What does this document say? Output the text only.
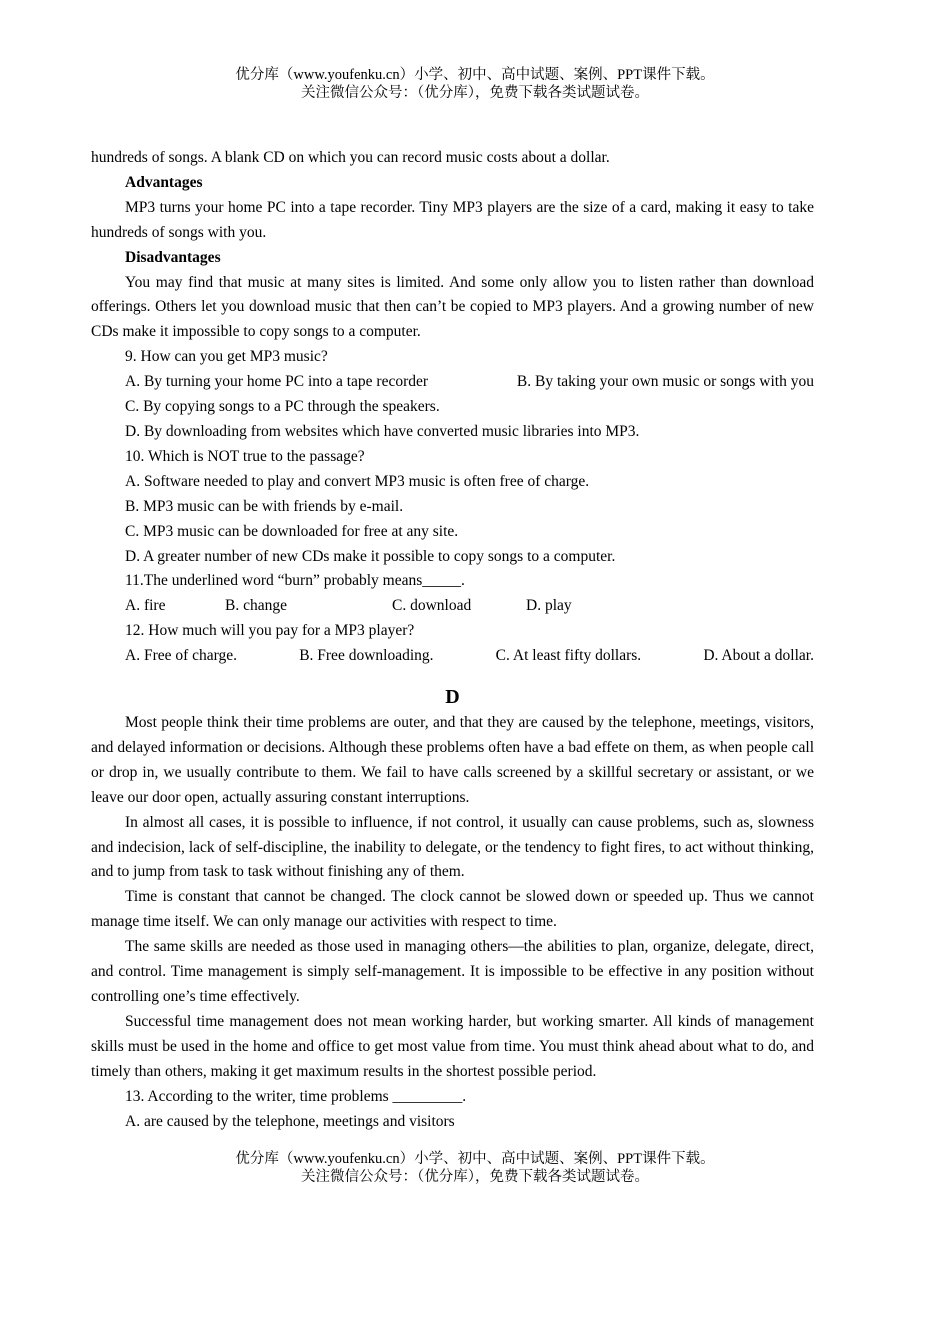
优分库（www.youfenku.cn）小学、初中、高中试题、案例、PPT课件下载。
关注微信公众号：（优分库），免费下载各类试题试卷。

hundreds of songs. A blank CD on which you can record music costs about a dollar.

Advantages

MP3 turns your home PC into a tape recorder. Tiny MP3 players are the size of a card, making it easy to take hundreds of songs with you.

Disadvantages

You may find that music at many sites is limited. And some only allow you to listen rather than download offerings. Others let you download music that then can’t be copied to MP3 players. And a growing number of new CDs make it impossible to copy songs to a computer.

9. How can you get MP3 music?

A. By turning your home PC into a tape recorder	B. By taking your own music or songs with you

C. By copying songs to a PC through the speakers.

D. By downloading from websites which have converted music libraries into MP3.

10. Which is NOT true to the passage?

A. Software needed to play and convert MP3 music is often free of charge.

B. MP3 music can be with friends by e-mail.

C. MP3 music can be downloaded for free at any site.

D. A greater number of new CDs make it possible to copy songs to a computer.

11.The underlined word “burn” probably means_____.

A. fire	B. change	C. download	D. play

12. How much will you pay for a MP3 player?

A. Free of charge.	B. Free downloading.	C. At least fifty dollars.	D. About a dollar.

D

Most people think their time problems are outer, and that they are caused by the telephone, meetings, visitors, and delayed information or decisions. Although these problems often have a bad effete on them, as when people call or drop in, we usually contribute to them. We fail to have calls screened by a skillful secretary or assistant, or we leave our door open, actually assuring constant interruptions.

In almost all cases, it is possible to influence, if not control, it usually can cause problems, such as, slowness and indecision, lack of self-discipline, the inability to delegate, or the tendency to fight fires, to act without thinking, and to jump from task to task without finishing any of them.

Time is constant that cannot be changed. The clock cannot be slowed down or speeded up. Thus we cannot manage time itself. We can only manage our activities with respect to time.

The same skills are needed as those used in managing others—the abilities to plan, organize, delegate, direct, and control. Time management is simply self-management. It is impossible to be effective in any position without controlling one’s time effectively.

Successful time management does not mean working harder, but working smarter. All kinds of management skills must be used in the home and office to get most value from time. You must think ahead about what to do, and timely than others, making it get maximum results in the shortest possible period.

13. According to the writer, time problems _________.

A. are caused by the telephone, meetings and visitors

优分库（www.youfenku.cn）小学、初中、高中试题、案例、PPT课件下载。
关注微信公众号：（优分库），免费下载各类试题试卷。
